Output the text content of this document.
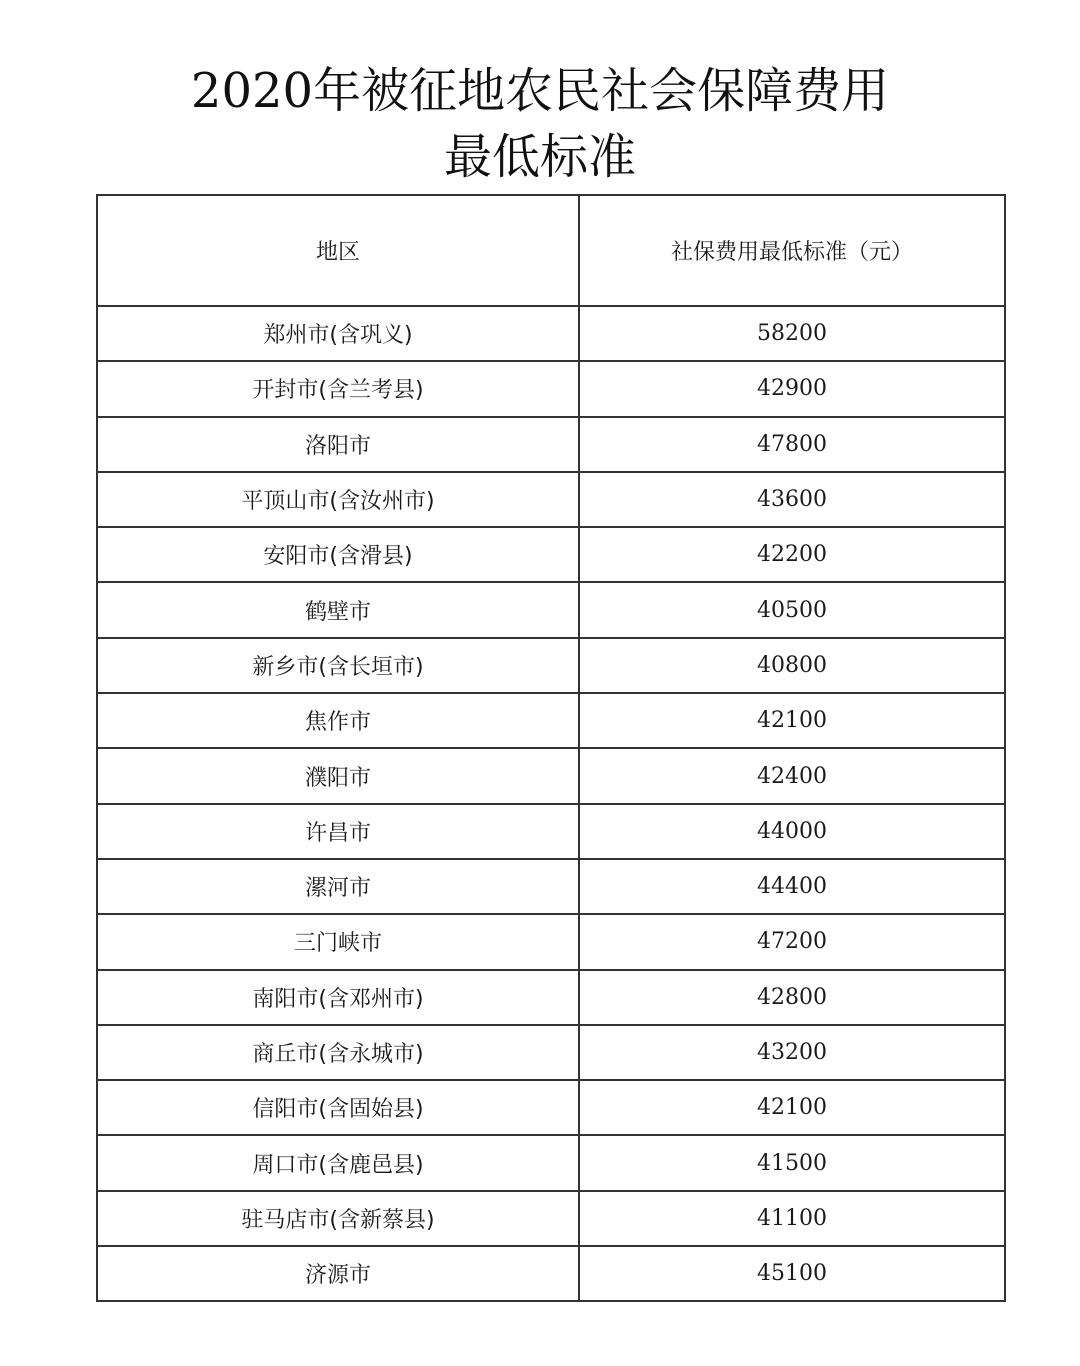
2020年被征地农民社会保障费用
最低标准
地区	社保费用最低标准（元）
郑州市(含巩义)	58200
开封市(含兰考县)	42900
洛阳市	47800
平顶山市(含汝州市)	43600
安阳市(含滑县)	42200
鹤壁市	40500
新乡市(含长垣市)	40800
焦作市	42100
濮阳市	42400
许昌市	44000
漯河市	44400
三门峡市	47200
南阳市(含邓州市)	42800
商丘市(含永城市)	43200
信阳市(含固始县)	42100
周口市(含鹿邑县)	41500
驻马店市(含新蔡县)	41100
济源市	45100
